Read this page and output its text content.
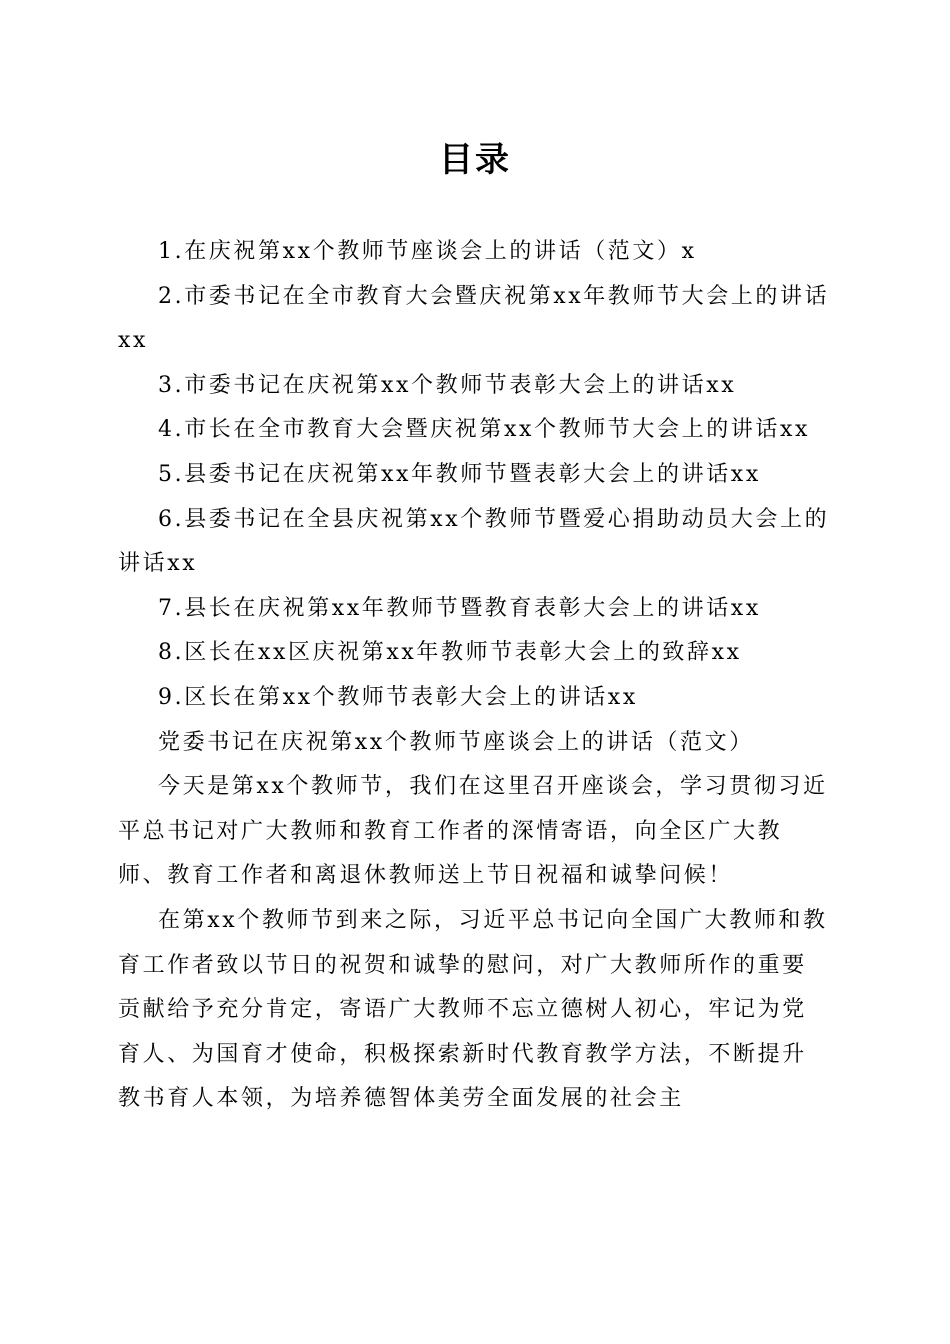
目录

1.在庆祝第xx个教师节座谈会上的讲话（范文）x

2.市委书记在全市教育大会暨庆祝第xx年教师节大会上的讲话xx

3.市委书记在庆祝第xx个教师节表彰大会上的讲话xx

4.市长在全市教育大会暨庆祝第xx个教师节大会上的讲话xx

5.县委书记在庆祝第xx年教师节暨表彰大会上的讲话xx

6.县委书记在全县庆祝第xx个教师节暨爱心捐助动员大会上的讲话xx

7.县长在庆祝第xx年教师节暨教育表彰大会上的讲话xx

8.区长在xx区庆祝第xx年教师节表彰大会上的致辞xx

9.区长在第xx个教师节表彰大会上的讲话xx

党委书记在庆祝第xx个教师节座谈会上的讲话（范文）

今天是第xx个教师节，我们在这里召开座谈会，学习贯彻习近平总书记对广大教师和教育工作者的深情寄语，向全区广大教师、教育工作者和离退休教师送上节日祝福和诚挚问候！

在第xx个教师节到来之际，习近平总书记向全国广大教师和教育工作者致以节日的祝贺和诚挚的慰问，对广大教师所作的重要贡献给予充分肯定，寄语广大教师不忘立德树人初心，牢记为党育人、为国育才使命，积极探索新时代教育教学方法，不断提升教书育人本领，为培养德智体美劳全面发展的社会主
